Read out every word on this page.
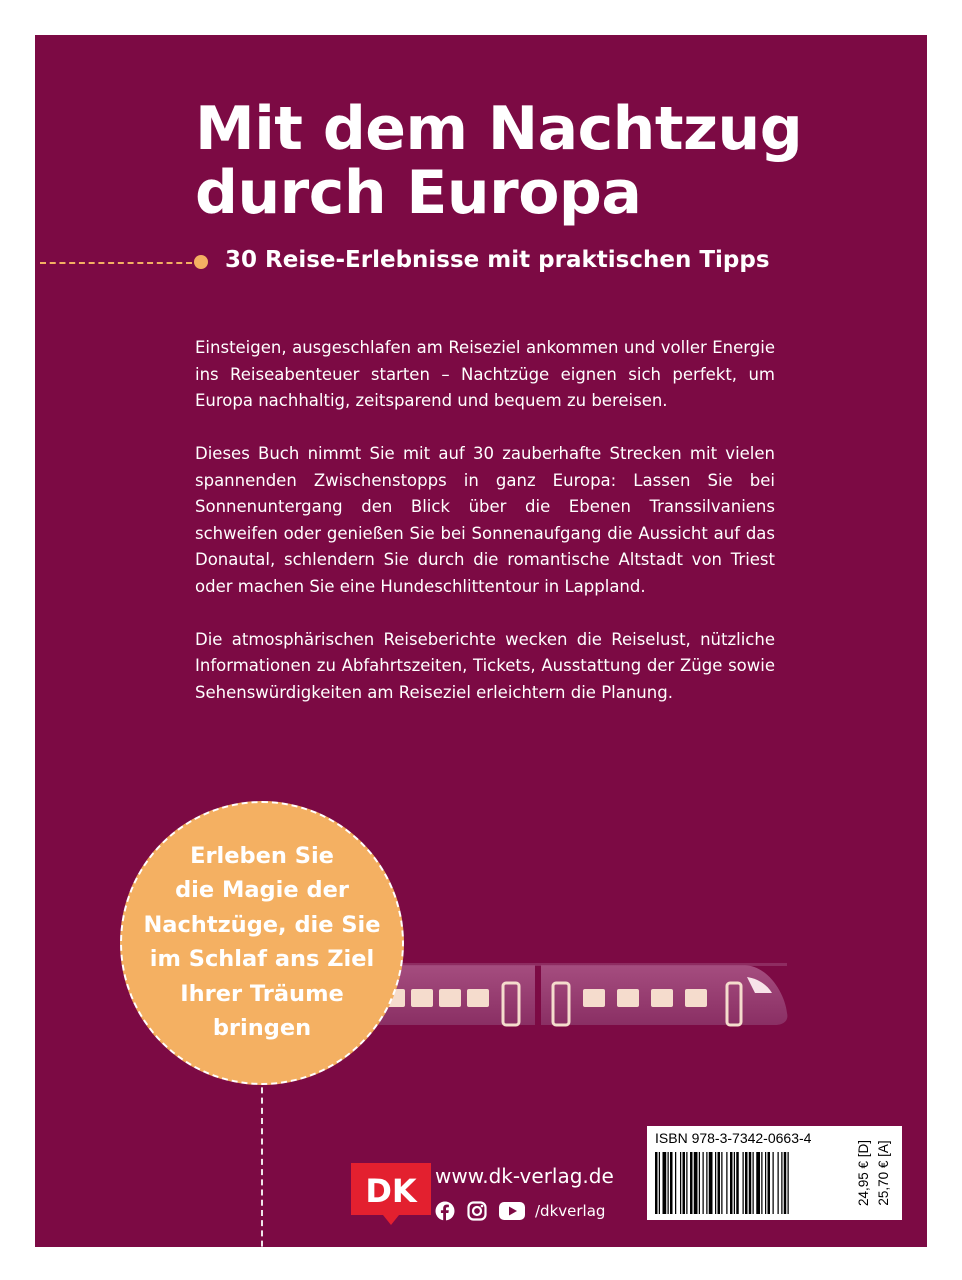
Mit dem Nachtzug
durch Europa
30 Reise-Erlebnisse mit praktischen Tipps

Einsteigen, ausgeschlafen am Reiseziel ankommen und voller Energie ins Reiseabenteuer starten – Nachtzüge eignen sich perfekt, um Europa nachhaltig, zeitsparend und bequem zu bereisen.

Dieses Buch nimmt Sie mit auf 30 zauberhafte Strecken mit vielen spannenden Zwischenstopps in ganz Europa: Lassen Sie bei Sonnenuntergang den Blick über die Ebenen Transsilvaniens schweifen oder genießen Sie bei Sonnenaufgang die Aussicht auf das Donautal, schlendern Sie durch die romantische Altstadt von Triest oder machen Sie eine Hundeschlittentour in Lappland.

Die atmosphärischen Reiseberichte wecken die Reiselust, nützliche Informationen zu Abfahrtszeiten, Tickets, Ausstattung der Züge sowie Sehenswürdigkeiten am Reiseziel erleichtern die Planung.

Erleben Sie
die Magie der
Nachtzüge, die Sie
im Schlaf ans Ziel
Ihrer Träume
bringen
DK www.dk-verlag.de
/dkverlag
ISBN 978-3-7342-0663-4
24,95 € [D] 25,70 € [A]
